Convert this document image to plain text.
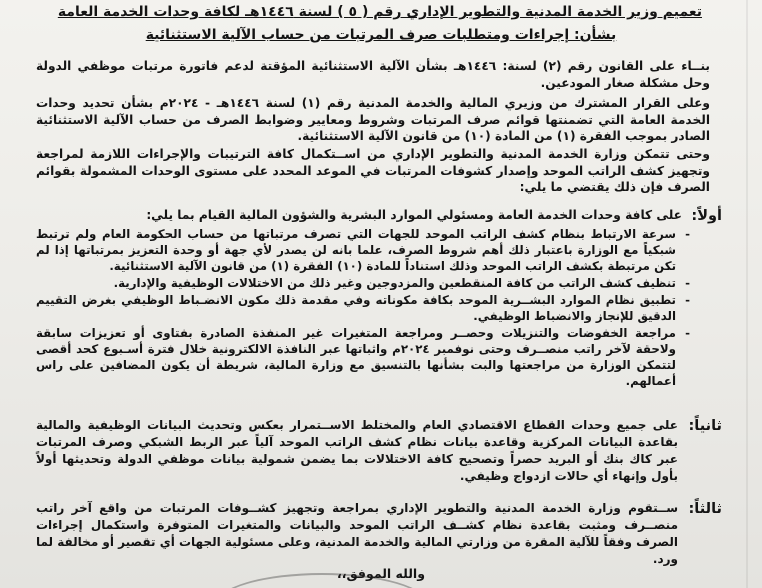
تعميم وزير الخدمة المدنية والتطوير الإداري رقم ( ٥ ) لسنة ١٤٤٦هـ لكافة وحدات الخدمة العامة
بشأن: إجراءات ومتطلبات صرف المرتبات من حساب الآلية الاستثنائية
بنــاء على القانون رقم (٢) لسنة: ١٤٤٦هـ بشأن الآلية الاستثنائية المؤقتة لدعم فاتورة مرتبات موظفي الدولة وحل مشكلة صغار المودعين.
وعلى القرار المشترك من وزيري المالية والخدمة المدنية رقم (١) لسنة ١٤٤٦هـ - ٢٠٢٤م بشأن تحديد وحدات الخدمة العامة التي تضمنتها قوائم صرف المرتبات وشروط ومعايير وضوابط الصرف من حساب الآلية الاستثنائية الصادر بموجب الفقرة (١) من المادة (١٠) من قانون الآلية الاستثنائية.
وحتى تتمكن وزارة الخدمة المدنية والتطوير الإداري من اســتكمال كافة الترتيبات والإجراءات اللازمة لمراجعة وتجهيز كشف الراتب الموحد وإصدار كشوفات المرتبات في الموعد المحدد على مستوى الوحدات المشمولة بقوائم الصرف فإن ذلك يقتضي ما يلي:
أولاً:
على كافة وحدات الخدمة العامة ومسئولي الموارد البشرية والشؤون المالية القيام بما يلي:
- سرعة الارتباط بنظام كشف الراتب الموحد للجهات التي تصرف مرتباتها من حساب الحكومة العام ولم ترتبط شبكياً مع الوزارة باعتبار ذلك أهم شروط الصرف، علما بانه لن يصدر لأي جهة أو وحدة التعزيز بمرتباتها إذا لم تكن مرتبطة بكشف الراتب الموحد وذلك استناداً للمادة (١٠) الفقرة (١) من قانون الآلية الاستثنائية.
- تنظيف كشف الراتب من كافة المنقطعين والمزدوجين وغير ذلك من الاختلالات الوظيفية والإدارية.
- تطبيق نظام الموارد البشــرية الموحد بكافة مكوناته وفي مقدمة ذلك مكون الانضـباط الوظيفي بغرض التقييم الدقيق للإنجاز والانضباط الوظيفي.
- مراجعة الخفوضات والتنزيلات وحصــر ومراجعة المتغيرات غير المنفذة الصادرة بفتاوى أو تعزيزات سابقة ولاحقة لآخر راتب منصــرف وحتى نوفمبر ٢٠٢٤م واثباتها عبر النافذة الالكترونية خلال فترة أسـبوع كحد أقصى لتتمكن الوزارة من مراجعتها والبت بشأنها بالتنسيق مع وزارة المالية، شريطة أن يكون المضافين على راس أعمالهم.
ثانياً:
على جميع وحدات القطاع الاقتصادي العام والمختلط الاســتمرار بعكس وتحديث البيانات الوظيفية والمالية بقاعدة البيانات المركزية وقاعدة بيانات نظام كشف الراتب الموحد آلياً عبر الربط الشبكي وصرف المرتبات عبر كاك بنك أو البريد حصراً وتصحيح كافة الاختلالات بما يضمن شمولية بيانات موظفي الدولة وتحديثها أولاً بأول وإنهاء أي حالات ازدواج وظيفي.
ثالثاً:
ســتقوم وزارة الخدمة المدنية والتطوير الإداري بمراجعة وتجهيز كشــوفات المرتبات من واقع آخر راتب منصــرف ومثبت بقاعدة نظام كشــف الراتب الموحد والبيانات والمتغيرات المتوفرة واستكمال إجراءات الصرف وفقاً للآلية المقرة من وزارتي المالية والخدمة المدنية، وعلى مسئولية الجهات أي تقصير أو مخالفة لما ورد.
والله الموفق،،
